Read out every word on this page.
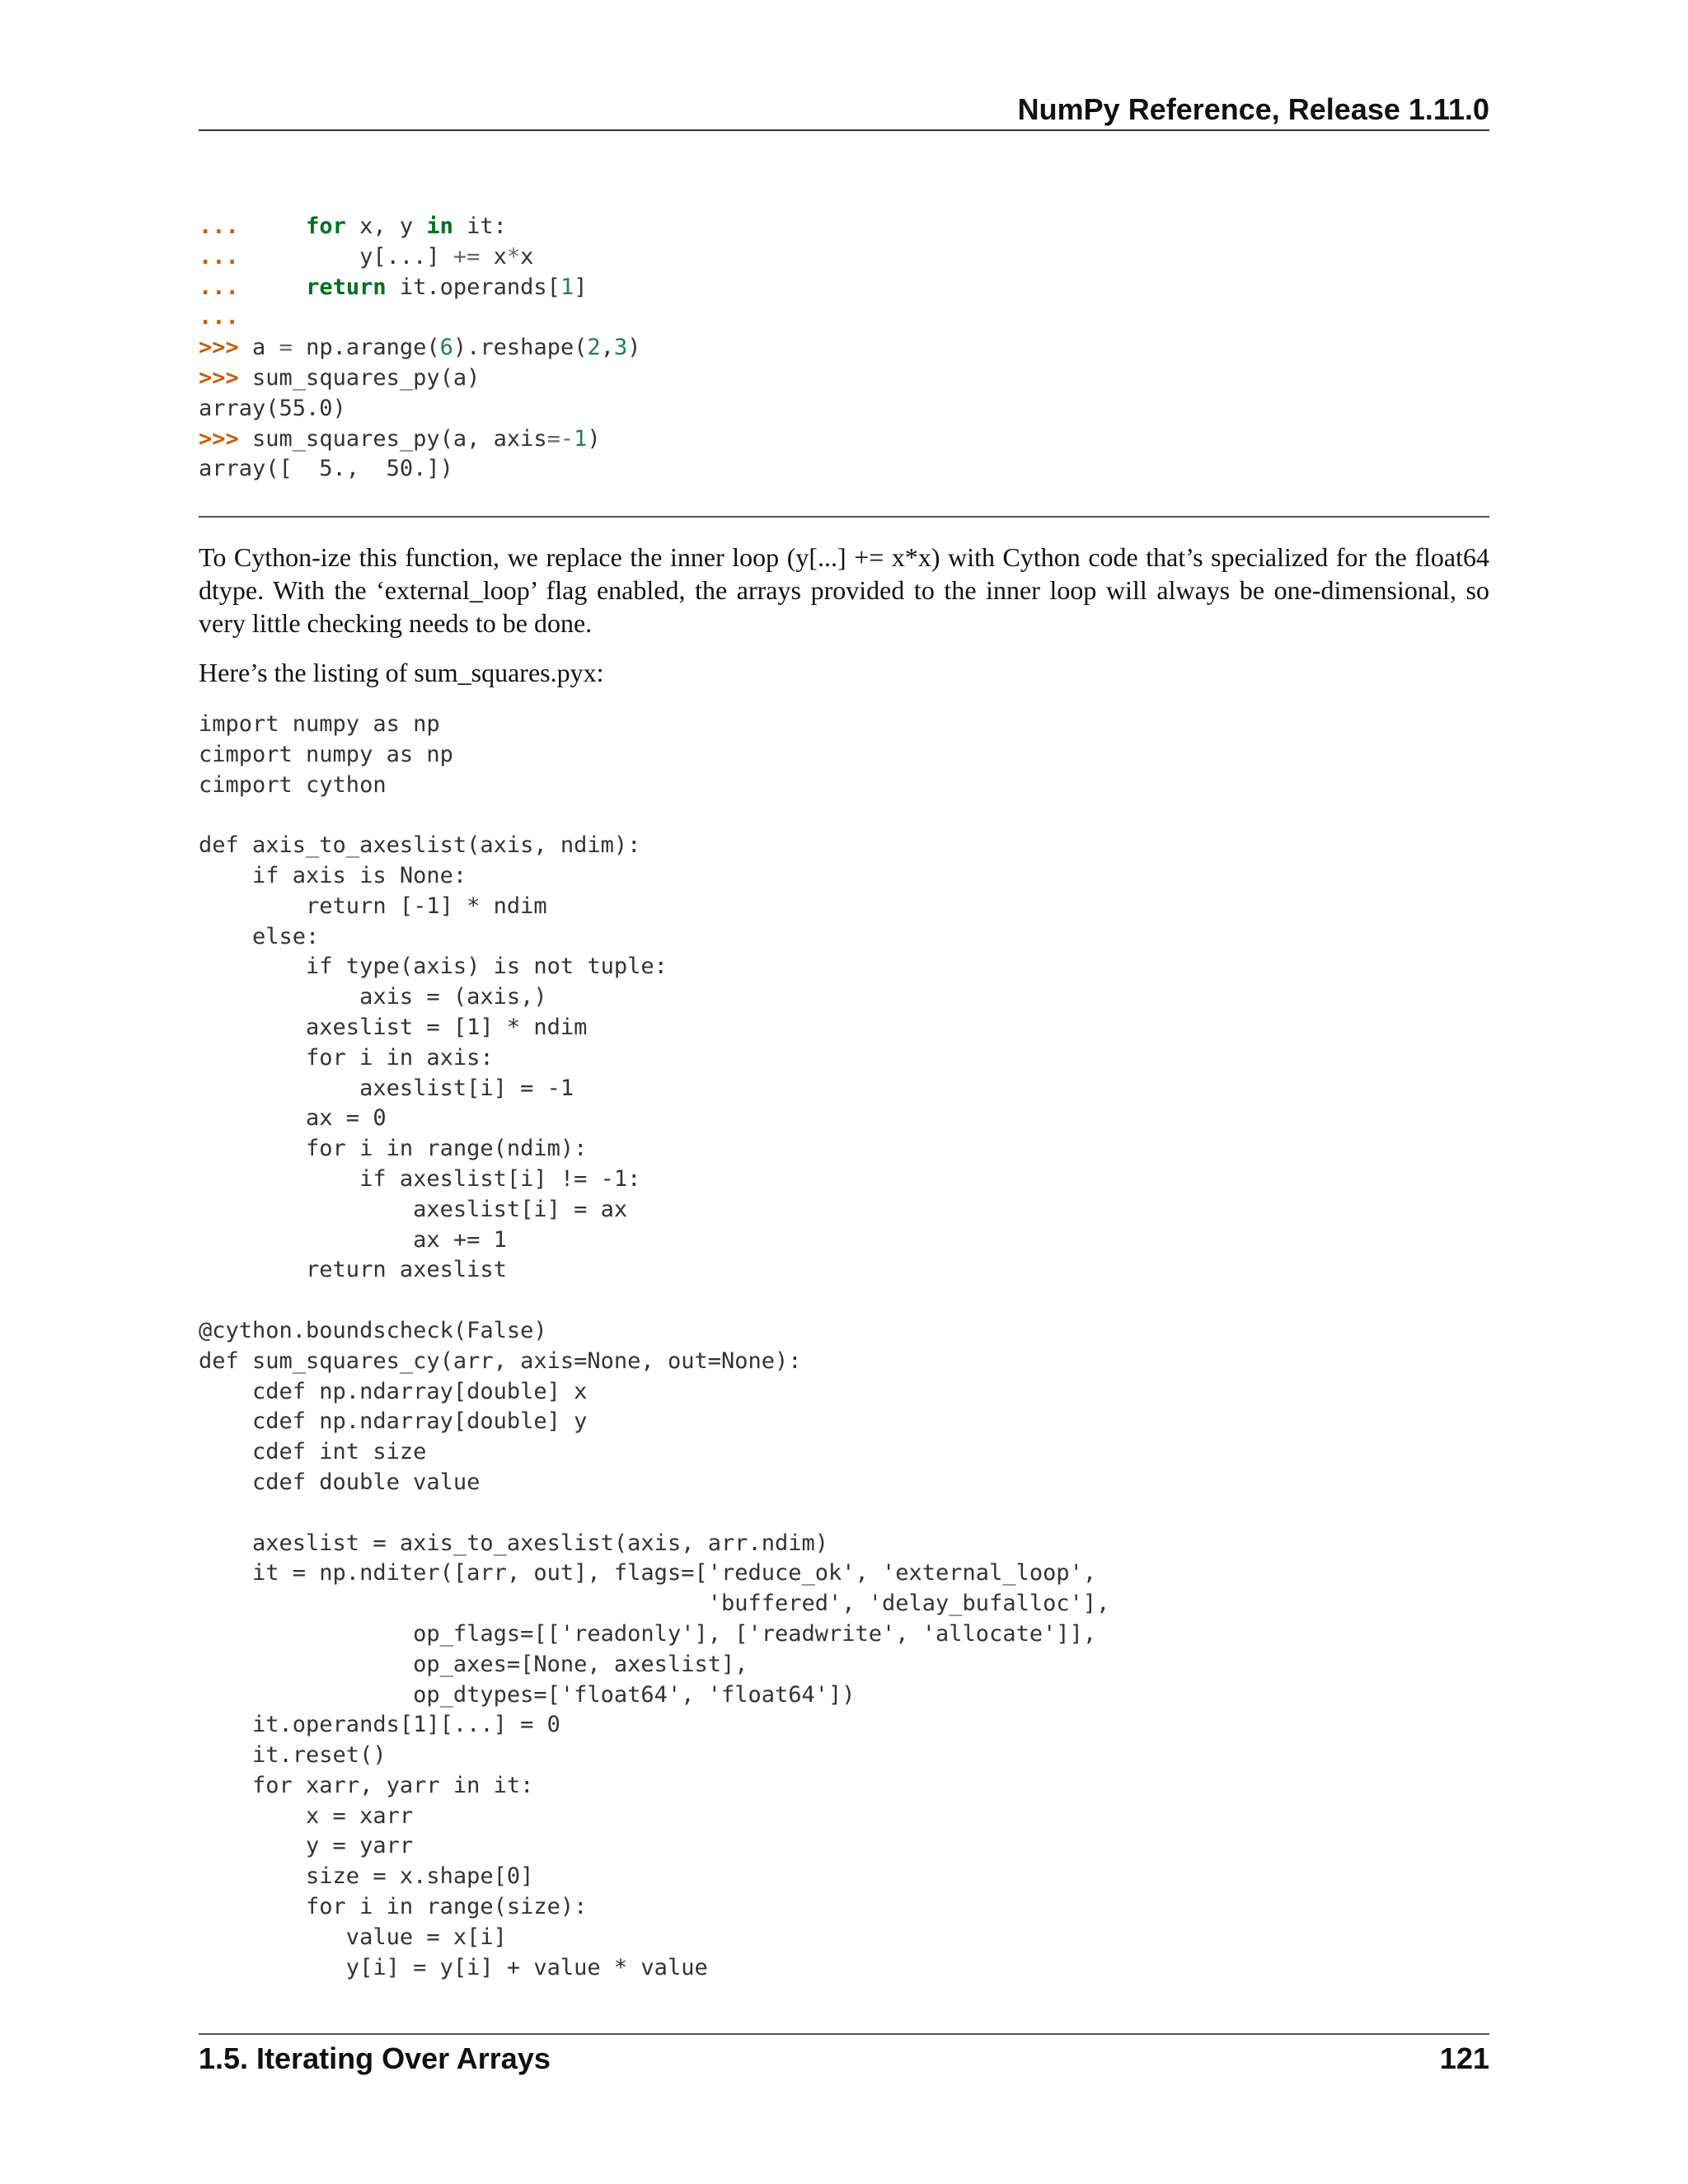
NumPy Reference, Release 1.11.0
...	for x, y in it:
...         y[...] += x*x
...	return it.operands[1]
...
>>> a = np.arange(6).reshape(2,3)
>>> sum_squares_py(a)
array(55.0)
>>> sum_squares_py(a, axis=-1)
array([  5.,  50.])

To Cython-ize this function, we replace the inner loop (y[...] += x*x) with Cython code that’s specialized for the float64 dtype. With the ‘external_loop’ flag enabled, the arrays provided to the inner loop will always be one-dimensional, so very little checking needs to be done.

Here’s the listing of sum_squares.pyx:

import numpy as np
cimport numpy as np
cimport cython
def axis_to_axeslist(axis, ndim):
if axis is None:
return [-1] * ndim
else:
if type(axis) is not tuple:
axis = (axis,)
axeslist = [1] * ndim
for i in axis:
axeslist[i] = -1
ax = 0
for i in range(ndim):
if axeslist[i] != -1:
axeslist[i] = ax
ax += 1
return axeslist
@cython.boundscheck(False)
def sum_squares_cy(arr, axis=None, out=None):
cdef np.ndarray[double] x
cdef np.ndarray[double] y
cdef int size
cdef double value
axeslist = axis_to_axeslist(axis, arr.ndim)
it = np.nditer([arr, out], flags=['reduce_ok', 'external_loop',
'buffered', 'delay_bufalloc'],
op_flags=[['readonly'], ['readwrite', 'allocate']],
op_axes=[None, axeslist],
op_dtypes=['float64', 'float64'])
it.operands[1][...] = 0
it.reset()
for xarr, yarr in it:
x = xarr
y = yarr
size = x.shape[0]
for i in range(size):
value = x[i]
y[i] = y[i] + value * value
1.5. Iterating Over Arrays	121
